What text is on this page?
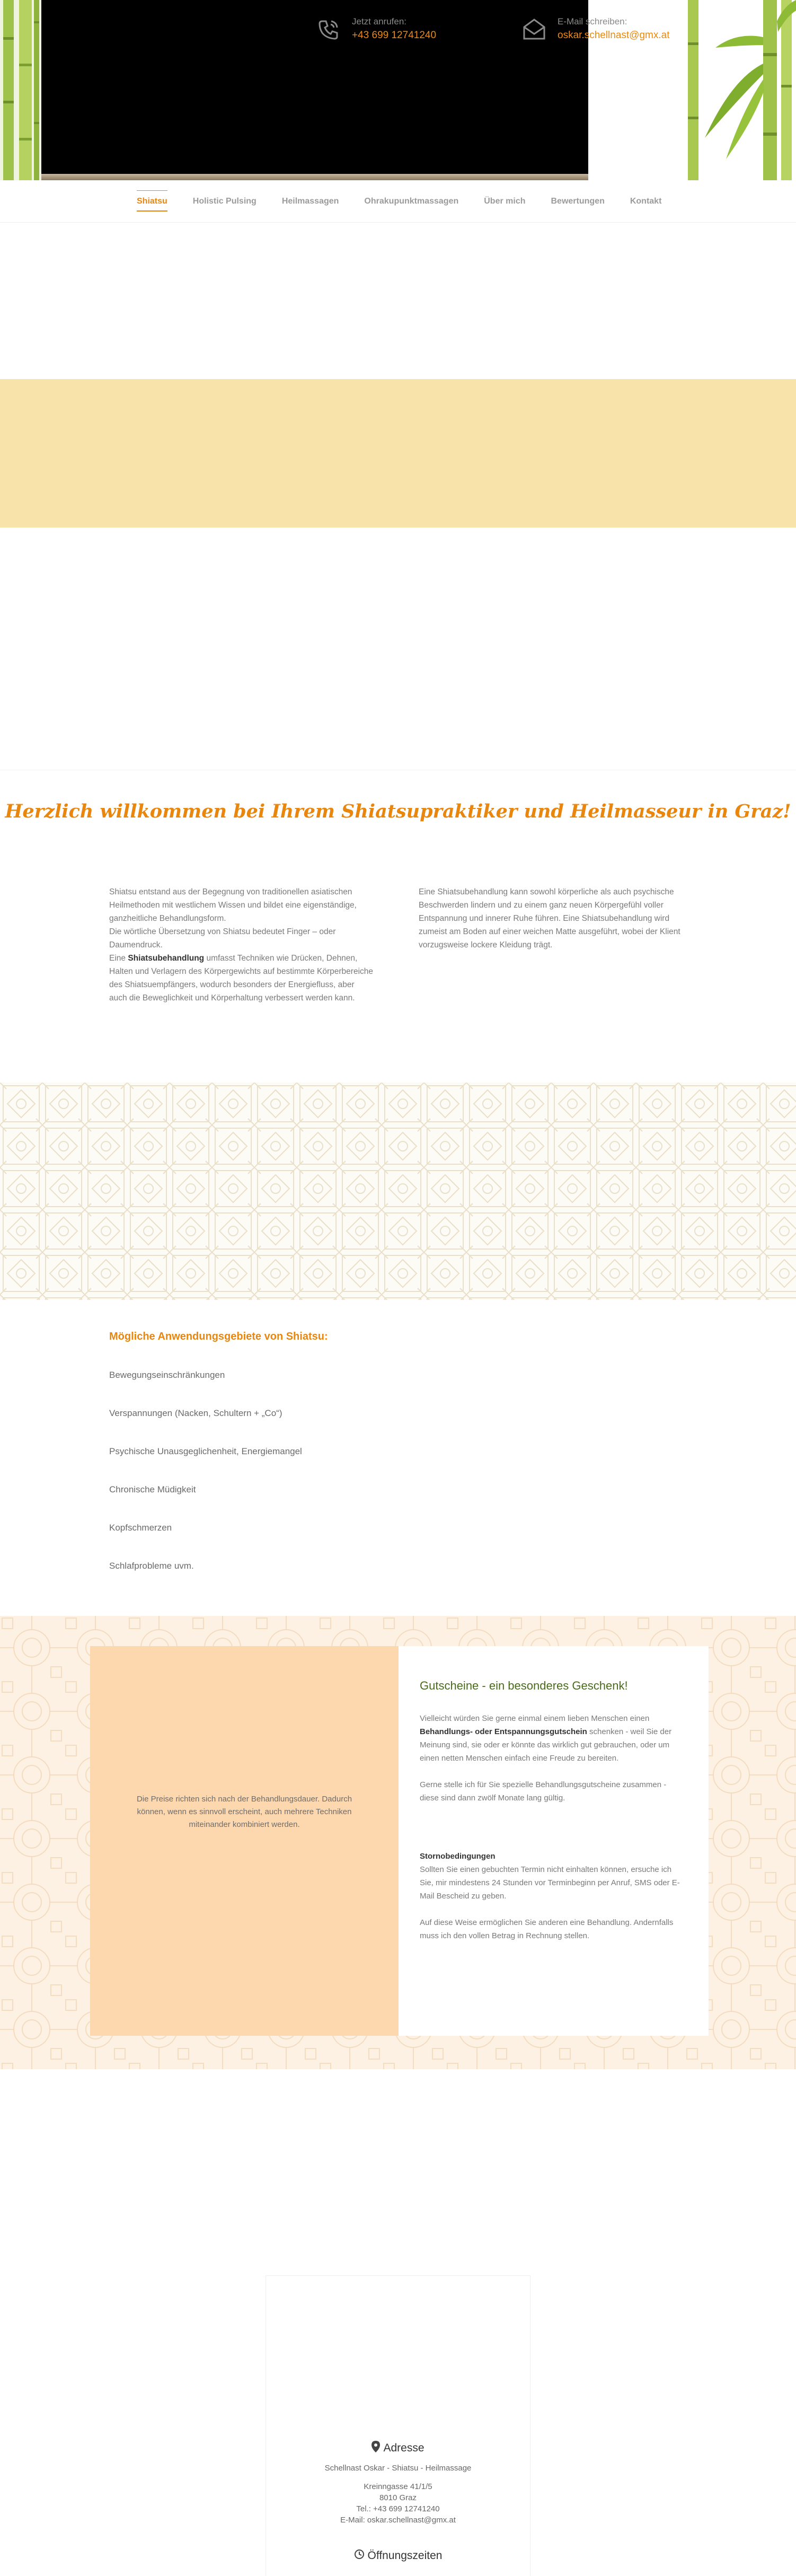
Jetzt anrufen:
+43 699 12741240
E-Mail schreiben:
oskar.schellnast@gmx.at
Shiatsu	Holistic Pulsing	Heilmassagen	Ohrakupunktmassagen	Über mich	Bewertungen	Kontakt
Herzlich willkommen bei Ihrem Shiatsupraktiker und Heilmasseur in Graz!

Shiatsu entstand aus der Begegnung von traditionellen asiatischen Heilmethoden mit westlichem Wissen und bildet eine eigenständige, ganzheitliche Behandlungsform.

Die wörtliche Übersetzung von Shiatsu bedeutet Finger – oder Daumendruck.

Eine Shiatsubehandlung umfasst Techniken wie Drücken, Dehnen, Halten und Verlagern des Körpergewichts auf bestimmte Körperbereiche des Shiatsuempfängers, wodurch besonders der Energiefluss, aber auch die Beweglichkeit und Körperhaltung verbessert werden kann.

Eine Shiatsubehandlung kann sowohl körperliche als auch psychische Beschwerden lindern und zu einem ganz neuen Körpergefühl voller Entspannung und innerer Ruhe führen. Eine Shiatsubehandlung wird zumeist am Boden auf einer weichen Matte ausgeführt, wobei der Klient vorzugsweise lockere Kleidung trägt.

Mögliche Anwendungsgebiete von Shiatsu:
Bewegungseinschränkungen
Verspannungen (Nacken, Schultern + „Co“)
Psychische Unausgeglichenheit, Energiemangel
Chronische Müdigkeit
Kopfschmerzen
Schlafprobleme uvm.

Die Preise richten sich nach der Behandlungsdauer. Dadurch können, wenn es sinnvoll erscheint, auch mehrere Techniken miteinander kombiniert werden.

Gutscheine - ein besonderes Geschenk!

Vielleicht würden Sie gerne einmal einem lieben Menschen einen Behandlungs- oder Entspannungsgutschein schenken - weil Sie der Meinung sind, sie oder er könnte das wirklich gut gebrauchen, oder um einen netten Menschen einfach eine Freude zu bereiten.

Gerne stelle ich für Sie spezielle Behandlungsgutscheine zusammen - diese sind dann zwölf Monate lang gültig.

Stornobedingungen
Sollten Sie einen gebuchten Termin nicht einhalten können, ersuche ich Sie, mir mindestens 24 Stunden vor Terminbeginn per Anruf, SMS oder E-Mail Bescheid zu geben.

Auf diese Weise ermöglichen Sie anderen eine Behandlung. Andernfalls muss ich den vollen Betrag in Rechnung stellen.

Adresse
Schellnast Oskar - Shiatsu - Heilmassage
Kreinngasse 41/1/5
8010 Graz
Tel.: +43 699 12741240
E-Mail: oskar.schellnast@gmx.at
Öffnungszeiten
